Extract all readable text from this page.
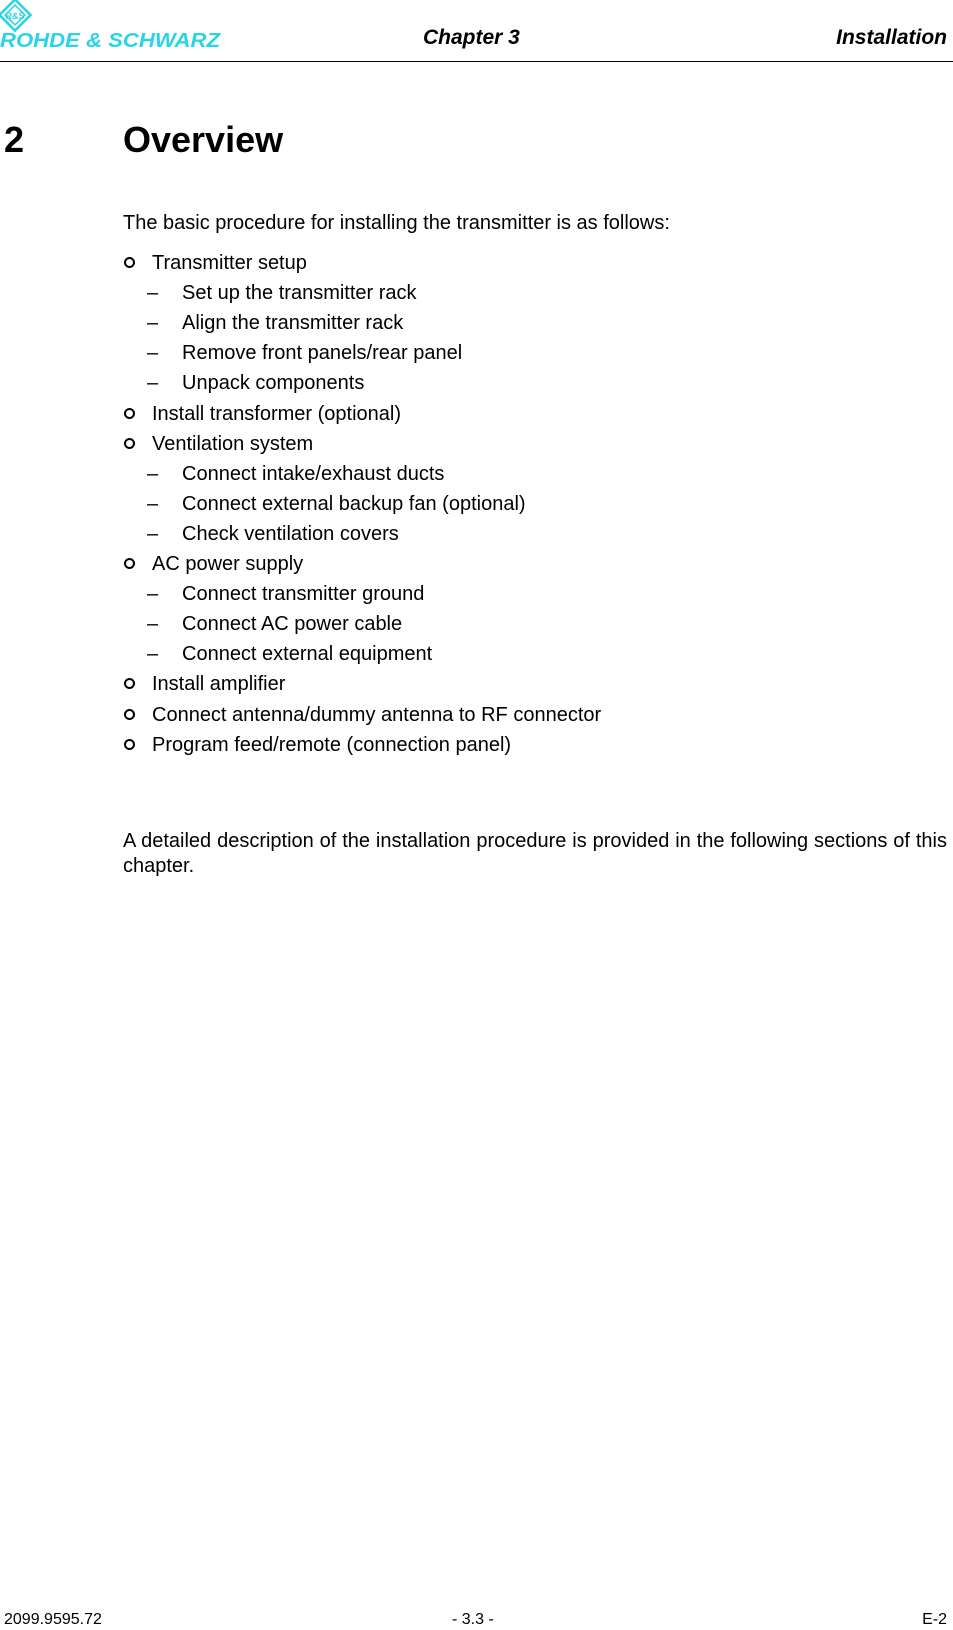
R&S
ROHDE & SCHWARZ	Chapter 3	Installation
2	Overview
The basic procedure for installing the transmitter is as follows:
Transmitter setup
– Set up the transmitter rack
– Align the transmitter rack
– Remove front panels/rear panel
– Unpack components
Install transformer (optional)
Ventilation system
– Connect intake/exhaust ducts
– Connect external backup fan (optional)
– Check ventilation covers
AC power supply
– Connect transmitter ground
– Connect AC power cable
– Connect external equipment
Install amplifier
Connect antenna/dummy antenna to RF connector
Program feed/remote (connection panel)
A detailed description of the installation procedure is provided in the following sections of this chapter.
2099.9595.72	- 3.3 -	E-2
